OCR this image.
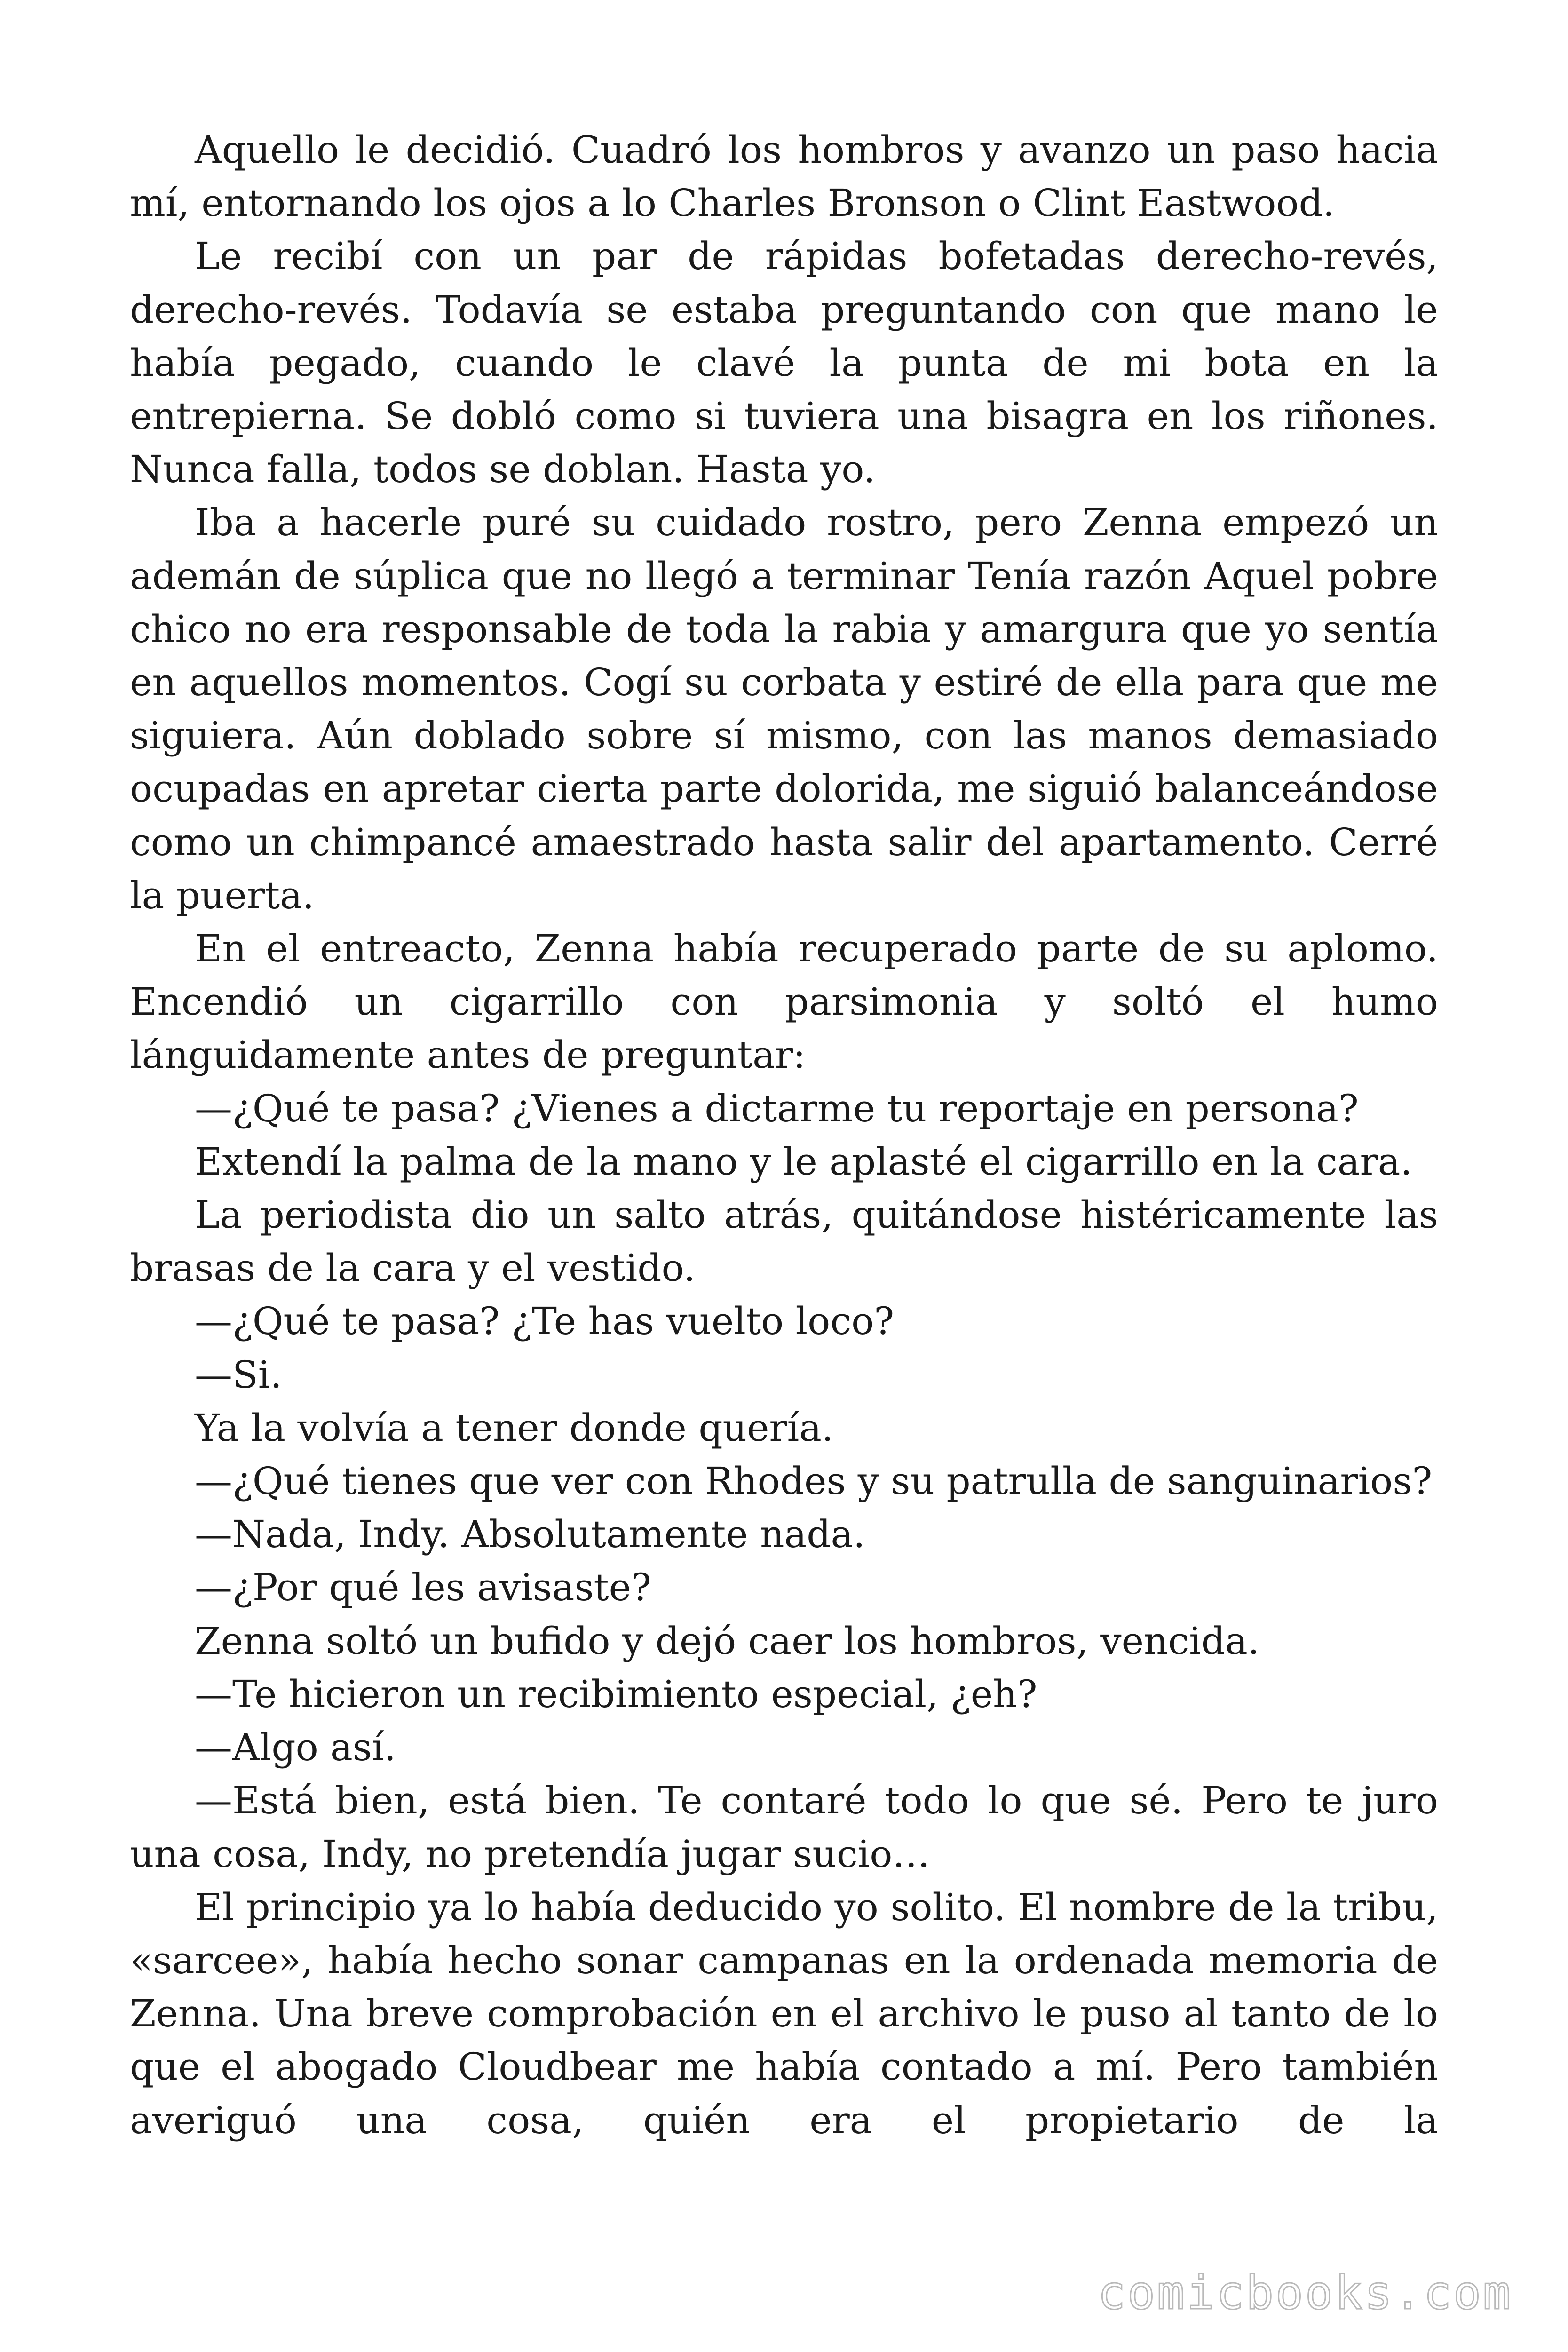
Aquello le decidió. Cuadró los hombros y avanzo un paso hacia mí, entornando los ojos a lo Charles Bronson o Clint Eastwood.

Le recibí con un par de rápidas bofetadas derecho-revés, derecho-revés. Todavía se estaba preguntando con que mano le había pegado, cuando le clavé la punta de mi bota en la entrepierna. Se dobló como si tuviera una bisagra en los riñones. Nunca falla, todos se doblan. Hasta yo.

Iba a hacerle puré su cuidado rostro, pero Zenna empezó un ademán de súplica que no llegó a terminar Tenía razón Aquel pobre chico no era responsable de toda la rabia y amargura que yo sentía en aquellos momentos. Cogí su corbata y estiré de ella para que me siguiera. Aún doblado sobre sí mismo, con las manos demasiado ocupadas en apretar cierta parte dolorida, me siguió balanceándose como un chimpancé amaestrado hasta salir del apartamento. Cerré la puerta.

En el entreacto, Zenna había recuperado parte de su aplomo. Encendió un cigarrillo con parsimonia y soltó el humo lánguidamente antes de preguntar:

—¿Qué te pasa? ¿Vienes a dictarme tu reportaje en persona?

Extendí la palma de la mano y le aplasté el cigarrillo en la cara.

La periodista dio un salto atrás, quitándose histéricamente las brasas de la cara y el vestido.

—¿Qué te pasa? ¿Te has vuelto loco?

—Si.

Ya la volvía a tener donde quería.

—¿Qué tienes que ver con Rhodes y su patrulla de sanguinarios?

—Nada, Indy. Absolutamente nada.

—¿Por qué les avisaste?

Zenna soltó un bufido y dejó caer los hombros, vencida.

—Te hicieron un recibimiento especial, ¿eh?

—Algo así.

—Está bien, está bien. Te contaré todo lo que sé. Pero te juro una cosa, Indy, no pretendía jugar sucio…

El principio ya lo había deducido yo solito. El nombre de la tribu, «sarcee», había hecho sonar campanas en la ordenada memoria de Zenna. Una breve comprobación en el archivo le puso al tanto de lo que el abogado Cloudbear me había contado a mí. Pero también averiguó una cosa, quién era el propietario de la

comicbooks.com
